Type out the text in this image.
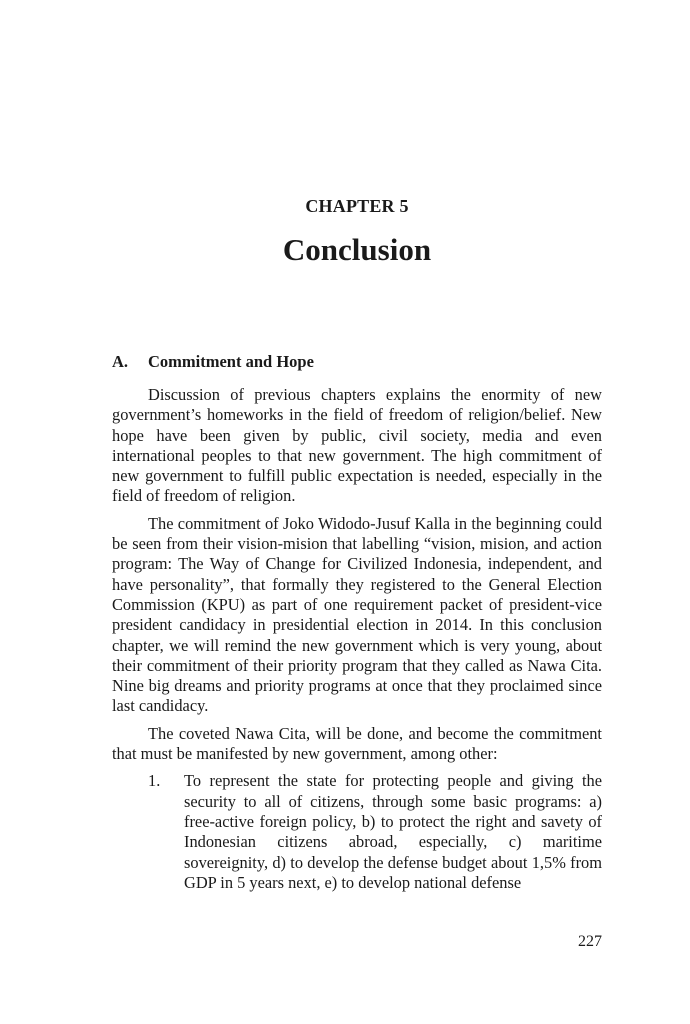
CHAPTER 5
Conclusion
A. Commitment and Hope

Discussion of previous chapters explains the enormity of new government’s homeworks in the field of freedom of religion/belief. New hope have been given by public, civil society, media and even international peoples to that new government. The high commitment of new government to fulfill public expectation is needed, especially in the field of freedom of religion.

The commitment of Joko Widodo-Jusuf Kalla in the beginning could be seen from their vision-mision that labelling “vision, mision, and action program: The Way of Change for Civilized Indonesia, independent, and have personality”, that formally they registered to the General Election Commission (KPU) as part of one requirement packet of president-vice president candidacy in presidential election in 2014. In this conclusion chapter, we will remind the new government which is very young, about their commitment of their priority program that they called as Nawa Cita. Nine big dreams and priority programs at once that they proclaimed since last candidacy.

The coveted Nawa Cita, will be done, and become the commitment that must be manifested by new government, among other:

1. To represent the state for protecting people and giving the security to all of citizens, through some basic programs: a) free-active foreign policy, b) to protect the right and savety of Indonesian citizens abroad, especially, c) maritime sovereignity, d) to develop the defense budget about 1,5% from GDP in 5 years next, e) to develop national defense
227
